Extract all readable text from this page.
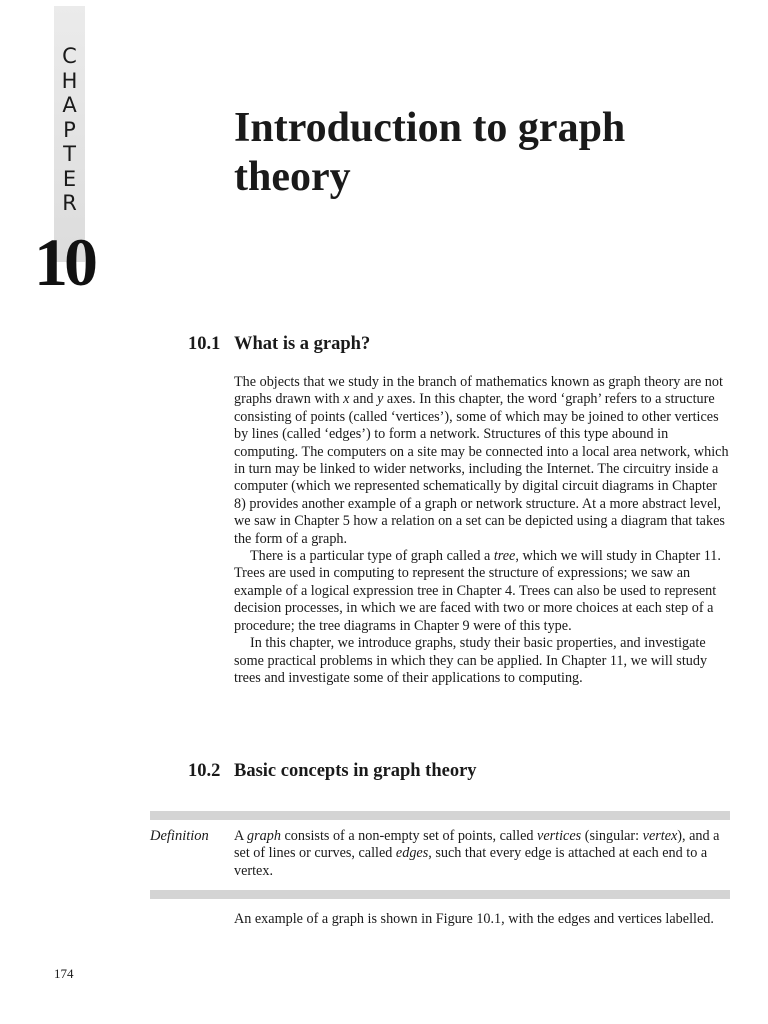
C
H
A
P
T
E
R
10
Introduction to graph theory
10.1 What is a graph?

The objects that we study in the branch of mathematics known as graph theory are not graphs drawn with x and y axes. In this chapter, the word ‘graph’ refers to a structure consisting of points (called ‘vertices’), some of which may be joined to other vertices by lines (called ‘edges’) to form a network. Structures of this type abound in computing. The computers on a site may be connected into a local area network, which in turn may be linked to wider networks, including the Internet. The circuitry inside a computer (which we represented schematically by digital circuit diagrams in Chapter 8) provides another example of a graph or network structure. At a more abstract level, we saw in Chapter 5 how a relation on a set can be depicted using a diagram that takes the form of a graph.

There is a particular type of graph called a tree, which we will study in Chapter 11. Trees are used in computing to represent the structure of expressions; we saw an example of a logical expression tree in Chapter 4. Trees can also be used to represent decision processes, in which we are faced with two or more choices at each step of a procedure; the tree diagrams in Chapter 9 were of this type.

In this chapter, we introduce graphs, study their basic properties, and investigate some practical problems in which they can be applied. In Chapter 11, we will study trees and investigate some of their applications to computing.

10.2 Basic concepts in graph theory
Definition A graph consists of a non-empty set of points, called vertices (singular: vertex), and a set of lines or curves, called edges, such that every edge is attached at each end to a vertex.
An example of a graph is shown in Figure 10.1, with the edges and vertices labelled.
174
